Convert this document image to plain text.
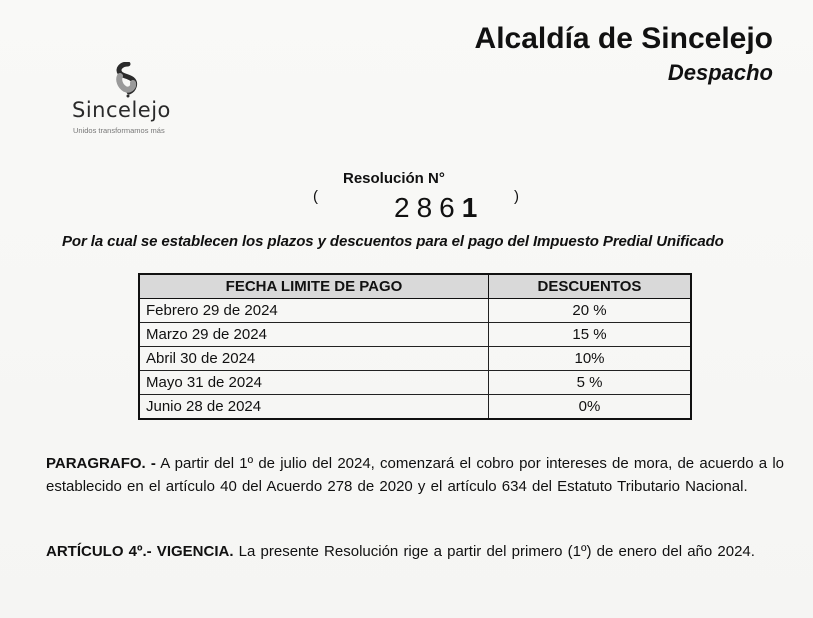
Sincelejo
Unidos transformamos más
Alcaldía de Sincelejo
Despacho
Resolución N°
(	2861 )
Por la cual se establecen los plazos y descuentos para el pago del Impuesto Predial Unificado
FECHA LIMITE DE PAGO	DESCUENTOS
Febrero 29 de 2024	20 %
Marzo 29 de 2024	15 %
Abril 30 de 2024	10%
Mayo 31 de 2024	5 %
Junio 28 de 2024	0%
PARAGRAFO. - A partir del 1º de julio del 2024, comenzará el cobro por intereses de mora, de acuerdo a lo establecido en el artículo 40 del Acuerdo 278 de 2020 y el artículo 634 del Estatuto Tributario Nacional.
ARTÍCULO 4º.- VIGENCIA. La presente Resolución rige a partir del primero (1º) de enero del año 2024.
